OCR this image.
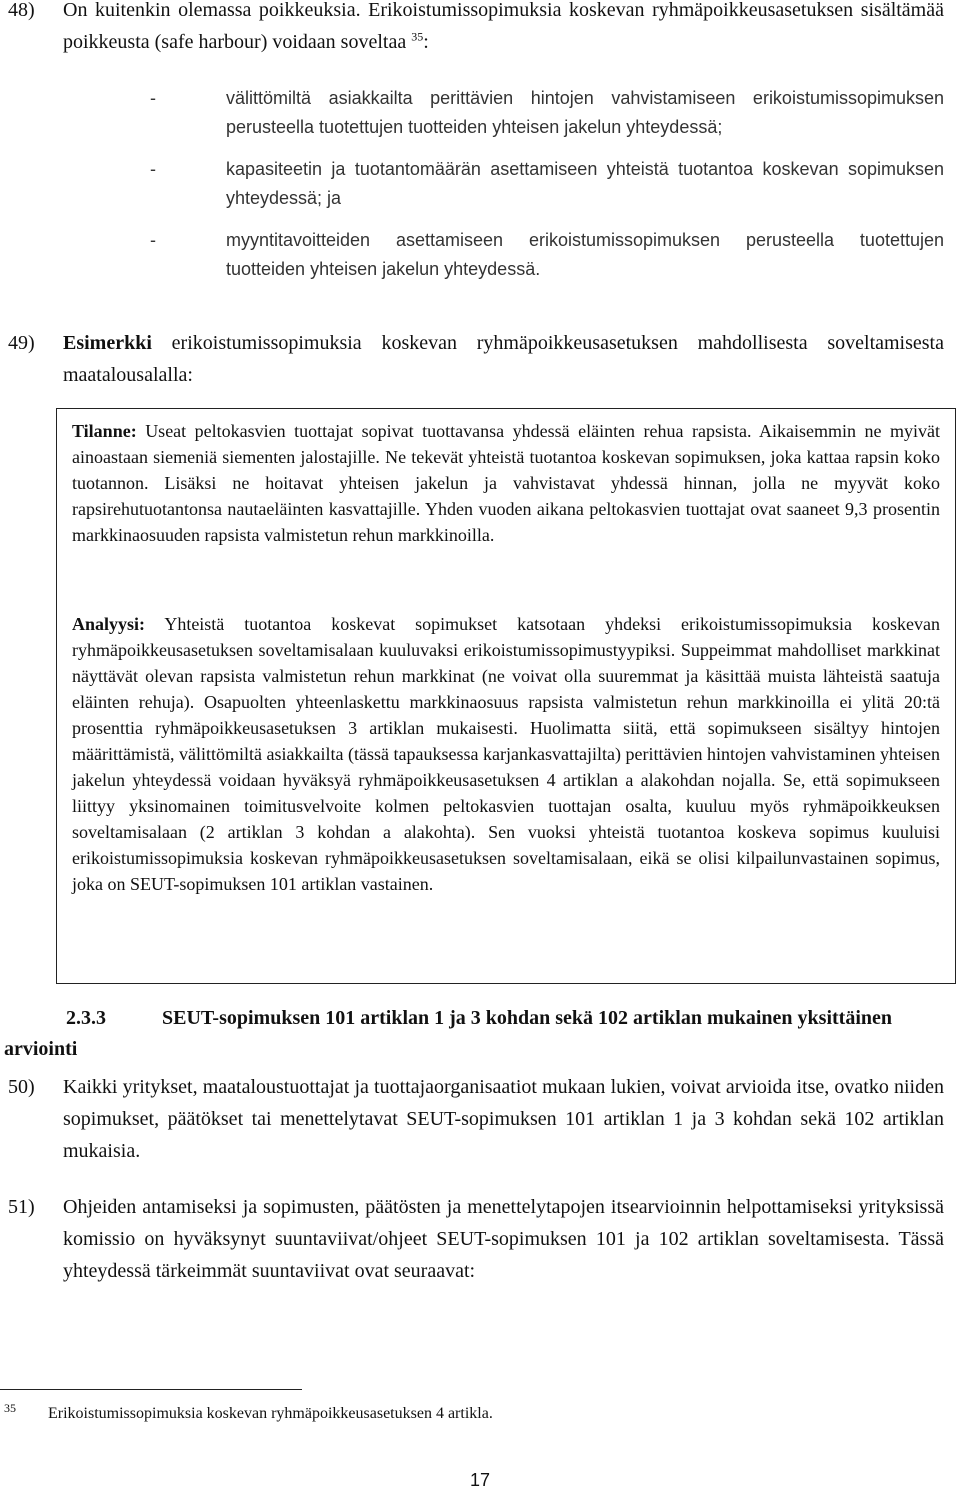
48) On kuitenkin olemassa poikkeuksia. Erikoistumissopimuksia koskevan ryhmäpoikkeusasetuksen sisältämää poikkeusta (safe harbour) voidaan soveltaa $^{35}$:
-	välittömiltä asiakkailta perittävien hintojen vahvistamiseen erikoistumissopimuksen perusteella tuotettujen tuotteiden yhteisen jakelun yhteydessä;
-	kapasiteetin ja tuotantomäärän asettamiseen yhteistä tuotantoa koskevan sopimuksen yhteydessä; ja
-	myyntitavoitteiden asettamiseen erikoistumissopimuksen perusteella tuotettujen tuotteiden yhteisen jakelun yhteydessä.
49) Esimerkki erikoistumissopimuksia koskevan ryhmäpoikkeusasetuksen mahdollisesta soveltamisesta maatalousalalla:

Tilanne: Useat peltokasvien tuottajat sopivat tuottavansa yhdessä eläinten rehua rapsista. Aikaisemmin ne myivät ainoastaan siemeniä siementen jalostajille. Ne tekevät yhteistä tuotantoa koskevan sopimuksen, joka kattaa rapsin koko tuotannon. Lisäksi ne hoitavat yhteisen jakelun ja vahvistavat yhdessä hinnan, jolla ne myyvät koko rapsirehutuotantonsa nautaeläinten kasvattajille. Yhden vuoden aikana peltokasvien tuottajat ovat saaneet 9,3 prosentin markkinaosuuden rapsista valmistetun rehun markkinoilla.

Analyysi: Yhteistä tuotantoa koskevat sopimukset katsotaan yhdeksi erikoistumissopimuksia koskevan ryhmäpoikkeusasetuksen soveltamisalaan kuuluvaksi erikoistumissopimustyypiksi. Suppeimmat mahdolliset markkinat näyttävät olevan rapsista valmistetun rehun markkinat (ne voivat olla suuremmat ja käsittää muista lähteistä saatuja eläinten rehuja). Osapuolten yhteenlaskettu markkinaosuus rapsista valmistetun rehun markkinoilla ei ylitä 20:tä prosenttia ryhmäpoikkeusasetuksen 3 artiklan mukaisesti. Huolimatta siitä, että sopimukseen sisältyy hintojen määrittämistä, välittömiltä asiakkailta (tässä tapauksessa karjankasvattajilta) perittävien hintojen vahvistaminen yhteisen jakelun yhteydessä voidaan hyväksyä ryhmäpoikkeusasetuksen 4 artiklan a alakohdan nojalla. Se, että sopimukseen liittyy yksinomainen toimitusvelvoite kolmen peltokasvien tuottajan osalta, kuuluu myös ryhmäpoikkeuksen soveltamisalaan (2 artiklan 3 kohdan a alakohta). Sen vuoksi yhteistä tuotantoa koskeva sopimus kuuluisi erikoistumissopimuksia koskevan ryhmäpoikkeusasetuksen soveltamisalaan, eikä se olisi kilpailunvastainen sopimus, joka on SEUT-sopimuksen 101 artiklan vastainen.

2.3.3	SEUT-sopimuksen 101 artiklan 1 ja 3 kohdan sekä 102 artiklan mukainen yksittäinen arviointi
50) Kaikki yritykset, maataloustuottajat ja tuottajaorganisaatiot mukaan lukien, voivat arvioida itse, ovatko niiden sopimukset, päätökset tai menettelytavat SEUT-sopimuksen 101 artiklan 1 ja 3 kohdan sekä 102 artiklan mukaisia.
51) Ohjeiden antamiseksi ja sopimusten, päätösten ja menettelytapojen itsearvioinnin helpottamiseksi yrityksissä komissio on hyväksynyt suuntaviivat/ohjeet SEUT-sopimuksen 101 ja 102 artiklan soveltamisesta. Tässä yhteydessä tärkeimmät suuntaviivat ovat seuraavat:
35 Erikoistumissopimuksia koskevan ryhmäpoikkeusasetuksen 4 artikla.
17
